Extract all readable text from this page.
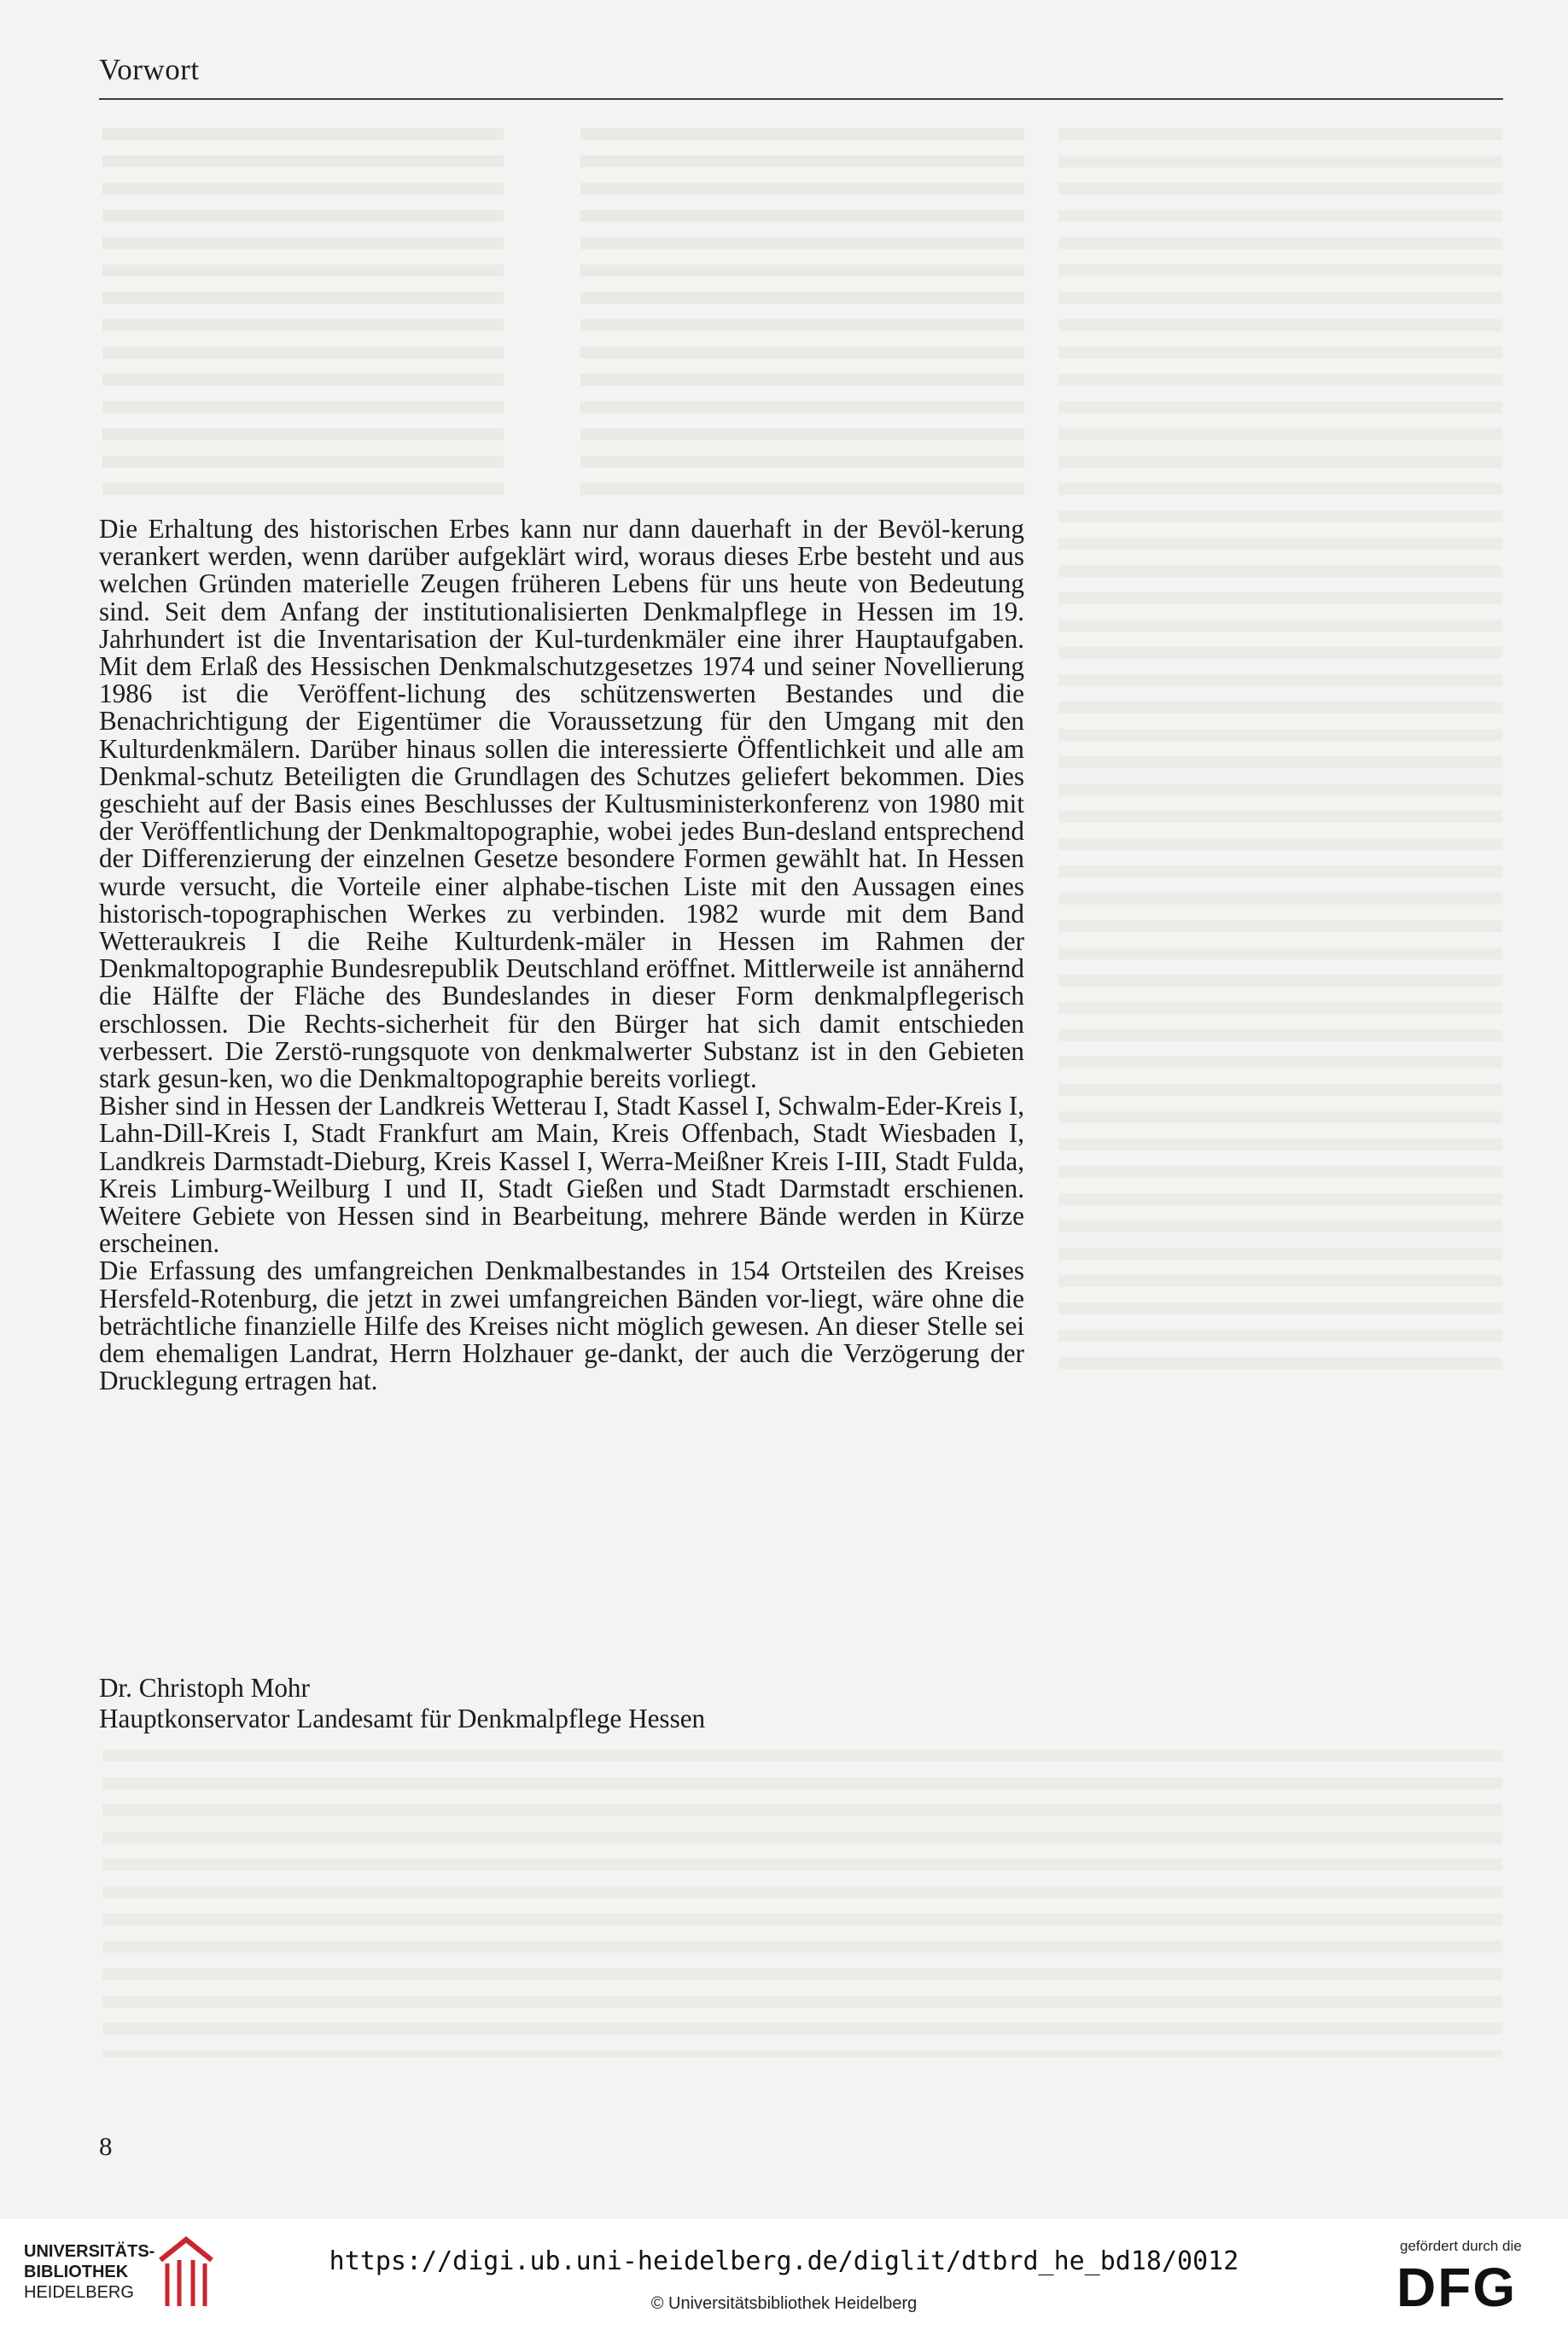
Vorwort

Die Erhaltung des historischen Erbes kann nur dann dauerhaft in der Bevöl-kerung verankert werden, wenn darüber aufgeklärt wird, woraus dieses Erbe besteht und aus welchen Gründen materielle Zeugen früheren Lebens für uns heute von Bedeutung sind. Seit dem Anfang der institutionalisierten Denkmalpflege in Hessen im 19. Jahrhundert ist die Inventarisation der Kul-turdenkmäler eine ihrer Hauptaufgaben. Mit dem Erlaß des Hessischen Denkmalschutzgesetzes 1974 und seiner Novellierung 1986 ist die Veröffent-lichung des schützenswerten Bestandes und die Benachrichtigung der Eigentümer die Voraussetzung für den Umgang mit den Kulturdenkmälern. Darüber hinaus sollen die interessierte Öffentlichkeit und alle am Denkmal-schutz Beteiligten die Grundlagen des Schutzes geliefert bekommen. Dies geschieht auf der Basis eines Beschlusses der Kultusministerkonferenz von 1980 mit der Veröffentlichung der Denkmaltopographie, wobei jedes Bun-desland entsprechend der Differenzierung der einzelnen Gesetze besondere Formen gewählt hat. In Hessen wurde versucht, die Vorteile einer alphabe-tischen Liste mit den Aussagen eines historisch-topographischen Werkes zu verbinden. 1982 wurde mit dem Band Wetteraukreis I die Reihe Kulturdenk-mäler in Hessen im Rahmen der Denkmaltopographie Bundesrepublik Deutschland eröffnet. Mittlerweile ist annähernd die Hälfte der Fläche des Bundeslandes in dieser Form denkmalpflegerisch erschlossen. Die Rechts-sicherheit für den Bürger hat sich damit entschieden verbessert. Die Zerstö-rungsquote von denkmalwerter Substanz ist in den Gebieten stark gesun-ken, wo die Denkmaltopographie bereits vorliegt.

Bisher sind in Hessen der Landkreis Wetterau I, Stadt Kassel I, Schwalm-Eder-Kreis I, Lahn-Dill-Kreis I, Stadt Frankfurt am Main, Kreis Offenbach, Stadt Wiesbaden I, Landkreis Darmstadt-Dieburg, Kreis Kassel I, Werra-Meißner Kreis I-III, Stadt Fulda, Kreis Limburg-Weilburg I und II, Stadt Gießen und Stadt Darmstadt erschienen. Weitere Gebiete von Hessen sind in Bearbeitung, mehrere Bände werden in Kürze erscheinen.

Die Erfassung des umfangreichen Denkmalbestandes in 154 Ortsteilen des Kreises Hersfeld-Rotenburg, die jetzt in zwei umfangreichen Bänden vor-liegt, wäre ohne die beträchtliche finanzielle Hilfe des Kreises nicht möglich gewesen. An dieser Stelle sei dem ehemaligen Landrat, Herrn Holzhauer ge-dankt, der auch die Verzögerung der Drucklegung ertragen hat.

Dr. Christoph Mohr
Hauptkonservator Landesamt für Denkmalpflege Hessen
8
UNIVERSITÄTS-
BIBLIOTHEK
HEIDELBERG
https://digi.ub.uni-heidelberg.de/diglit/dtbrd_he_bd18/0012
© Universitätsbibliothek Heidelberg
gefördert durch die
DFG
